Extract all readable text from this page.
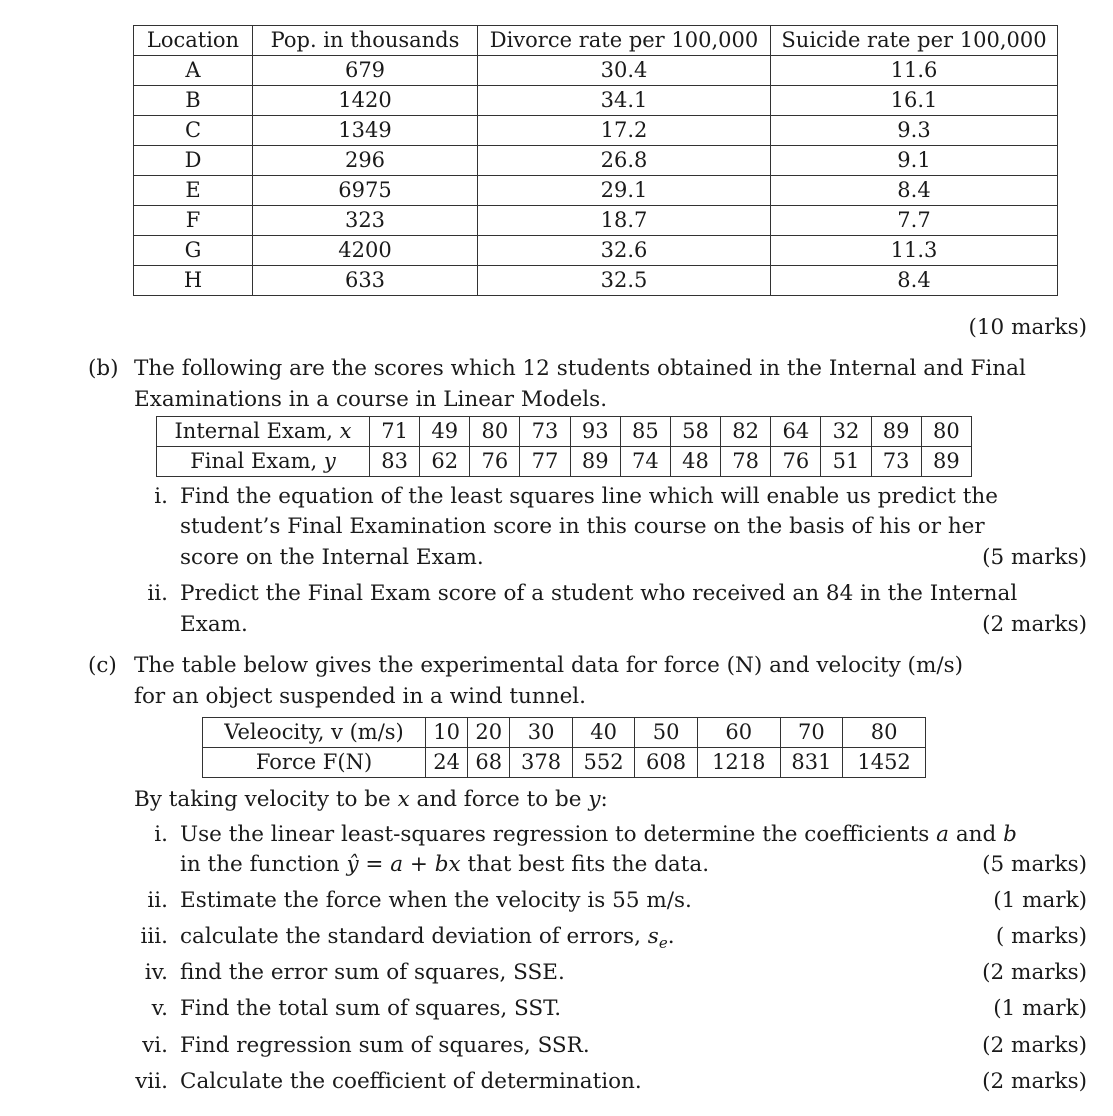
Location	Pop. in thousands	Divorce rate per 100,000	Suicide rate per 100,000
A	679	30.4	11.6
B	1420	34.1	16.1
C	1349	17.2	9.3
D	296	26.8	9.1
E	6975	29.1	8.4
F	323	18.7	7.7
G	4200	32.6	11.3
H	633	32.5	8.4
(10 marks)
(b) The following are the scores which 12 students obtained in the Internal and Final
Examinations in a course in Linear Models.
Internal Exam, x	71	49	80	73	93	85	58	82	64	32	89	80
Final Exam, y	83	62	76	77	89	74	48	78	76	51	73	89
i. Find the equation of the least squares line which will enable us predict the
student’s Final Examination score in this course on the basis of his or her
score on the Internal Exam.	(5 marks)
ii. Predict the Final Exam score of a student who received an 84 in the Internal
Exam.	(2 marks)
(c) The table below gives the experimental data for force (N) and velocity (m/s)
for an object suspended in a wind tunnel.
Veleocity, v (m/s)	10	20	30	40	50	60	70	80
Force F(N)	24	68	378	552	608	1218	831	1452
By taking velocity to be x and force to be y:
i. Use the linear least-squares regression to determine the coefficients a and b
in the function ŷ = a + bx that best fits the data.	(5 marks)
ii. Estimate the force when the velocity is 55 m/s.	(1 mark)
iii. calculate the standard deviation of errors, $s_e$.	( marks)
iv. find the error sum of squares, SSE.	(2 marks)
v. Find the total sum of squares, SST.	(1 mark)
vi. Find regression sum of squares, SSR.	(2 marks)
vii. Calculate the coefficient of determination.	(2 marks)
